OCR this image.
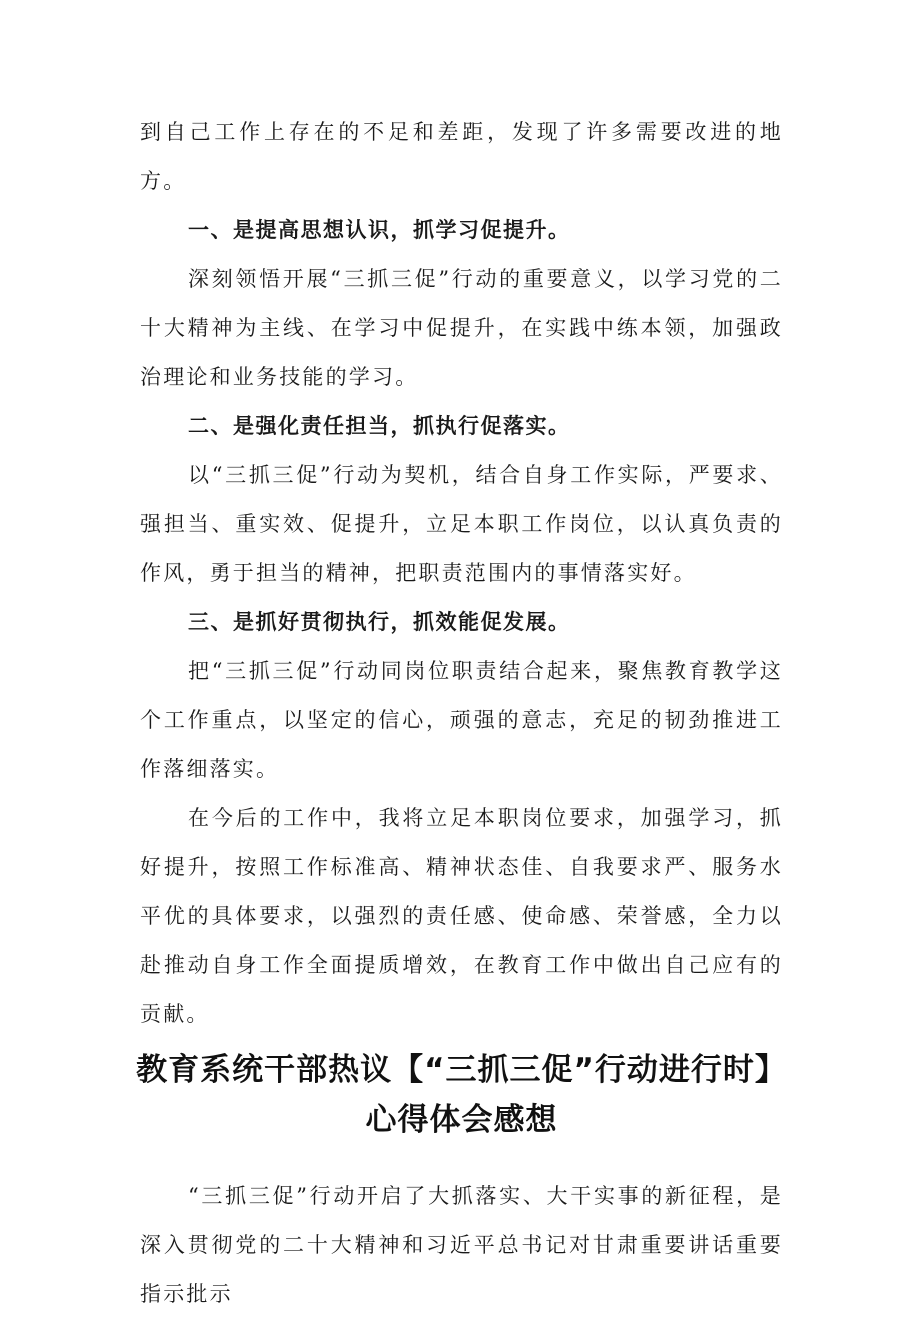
到自己工作上存在的不足和差距，发现了许多需要改进的地方。

一、是提高思想认识，抓学习促提升。

深刻领悟开展“三抓三促”行动的重要意义，以学习党的二十大精神为主线、在学习中促提升，在实践中练本领，加强政治理论和业务技能的学习。

二、是强化责任担当，抓执行促落实。

以“三抓三促”行动为契机，结合自身工作实际，严要求、强担当、重实效、促提升，立足本职工作岗位，以认真负责的作风，勇于担当的精神，把职责范围内的事情落实好。

三、是抓好贯彻执行，抓效能促发展。

把“三抓三促”行动同岗位职责结合起来，聚焦教育教学这个工作重点，以坚定的信心，顽强的意志，充足的韧劲推进工作落细落实。

在今后的工作中，我将立足本职岗位要求，加强学习，抓好提升，按照工作标准高、精神状态佳、自我要求严、服务水平优的具体要求，以强烈的责任感、使命感、荣誉感，全力以赴推动自身工作全面提质增效，在教育工作中做出自己应有的贡献。

教育系统干部热议【“三抓三促”行动进行时】
心得体会感想

“三抓三促”行动开启了大抓落实、大干实事的新征程，是深入贯彻党的二十大精神和习近平总书记对甘肃重要讲话重要指示批示
